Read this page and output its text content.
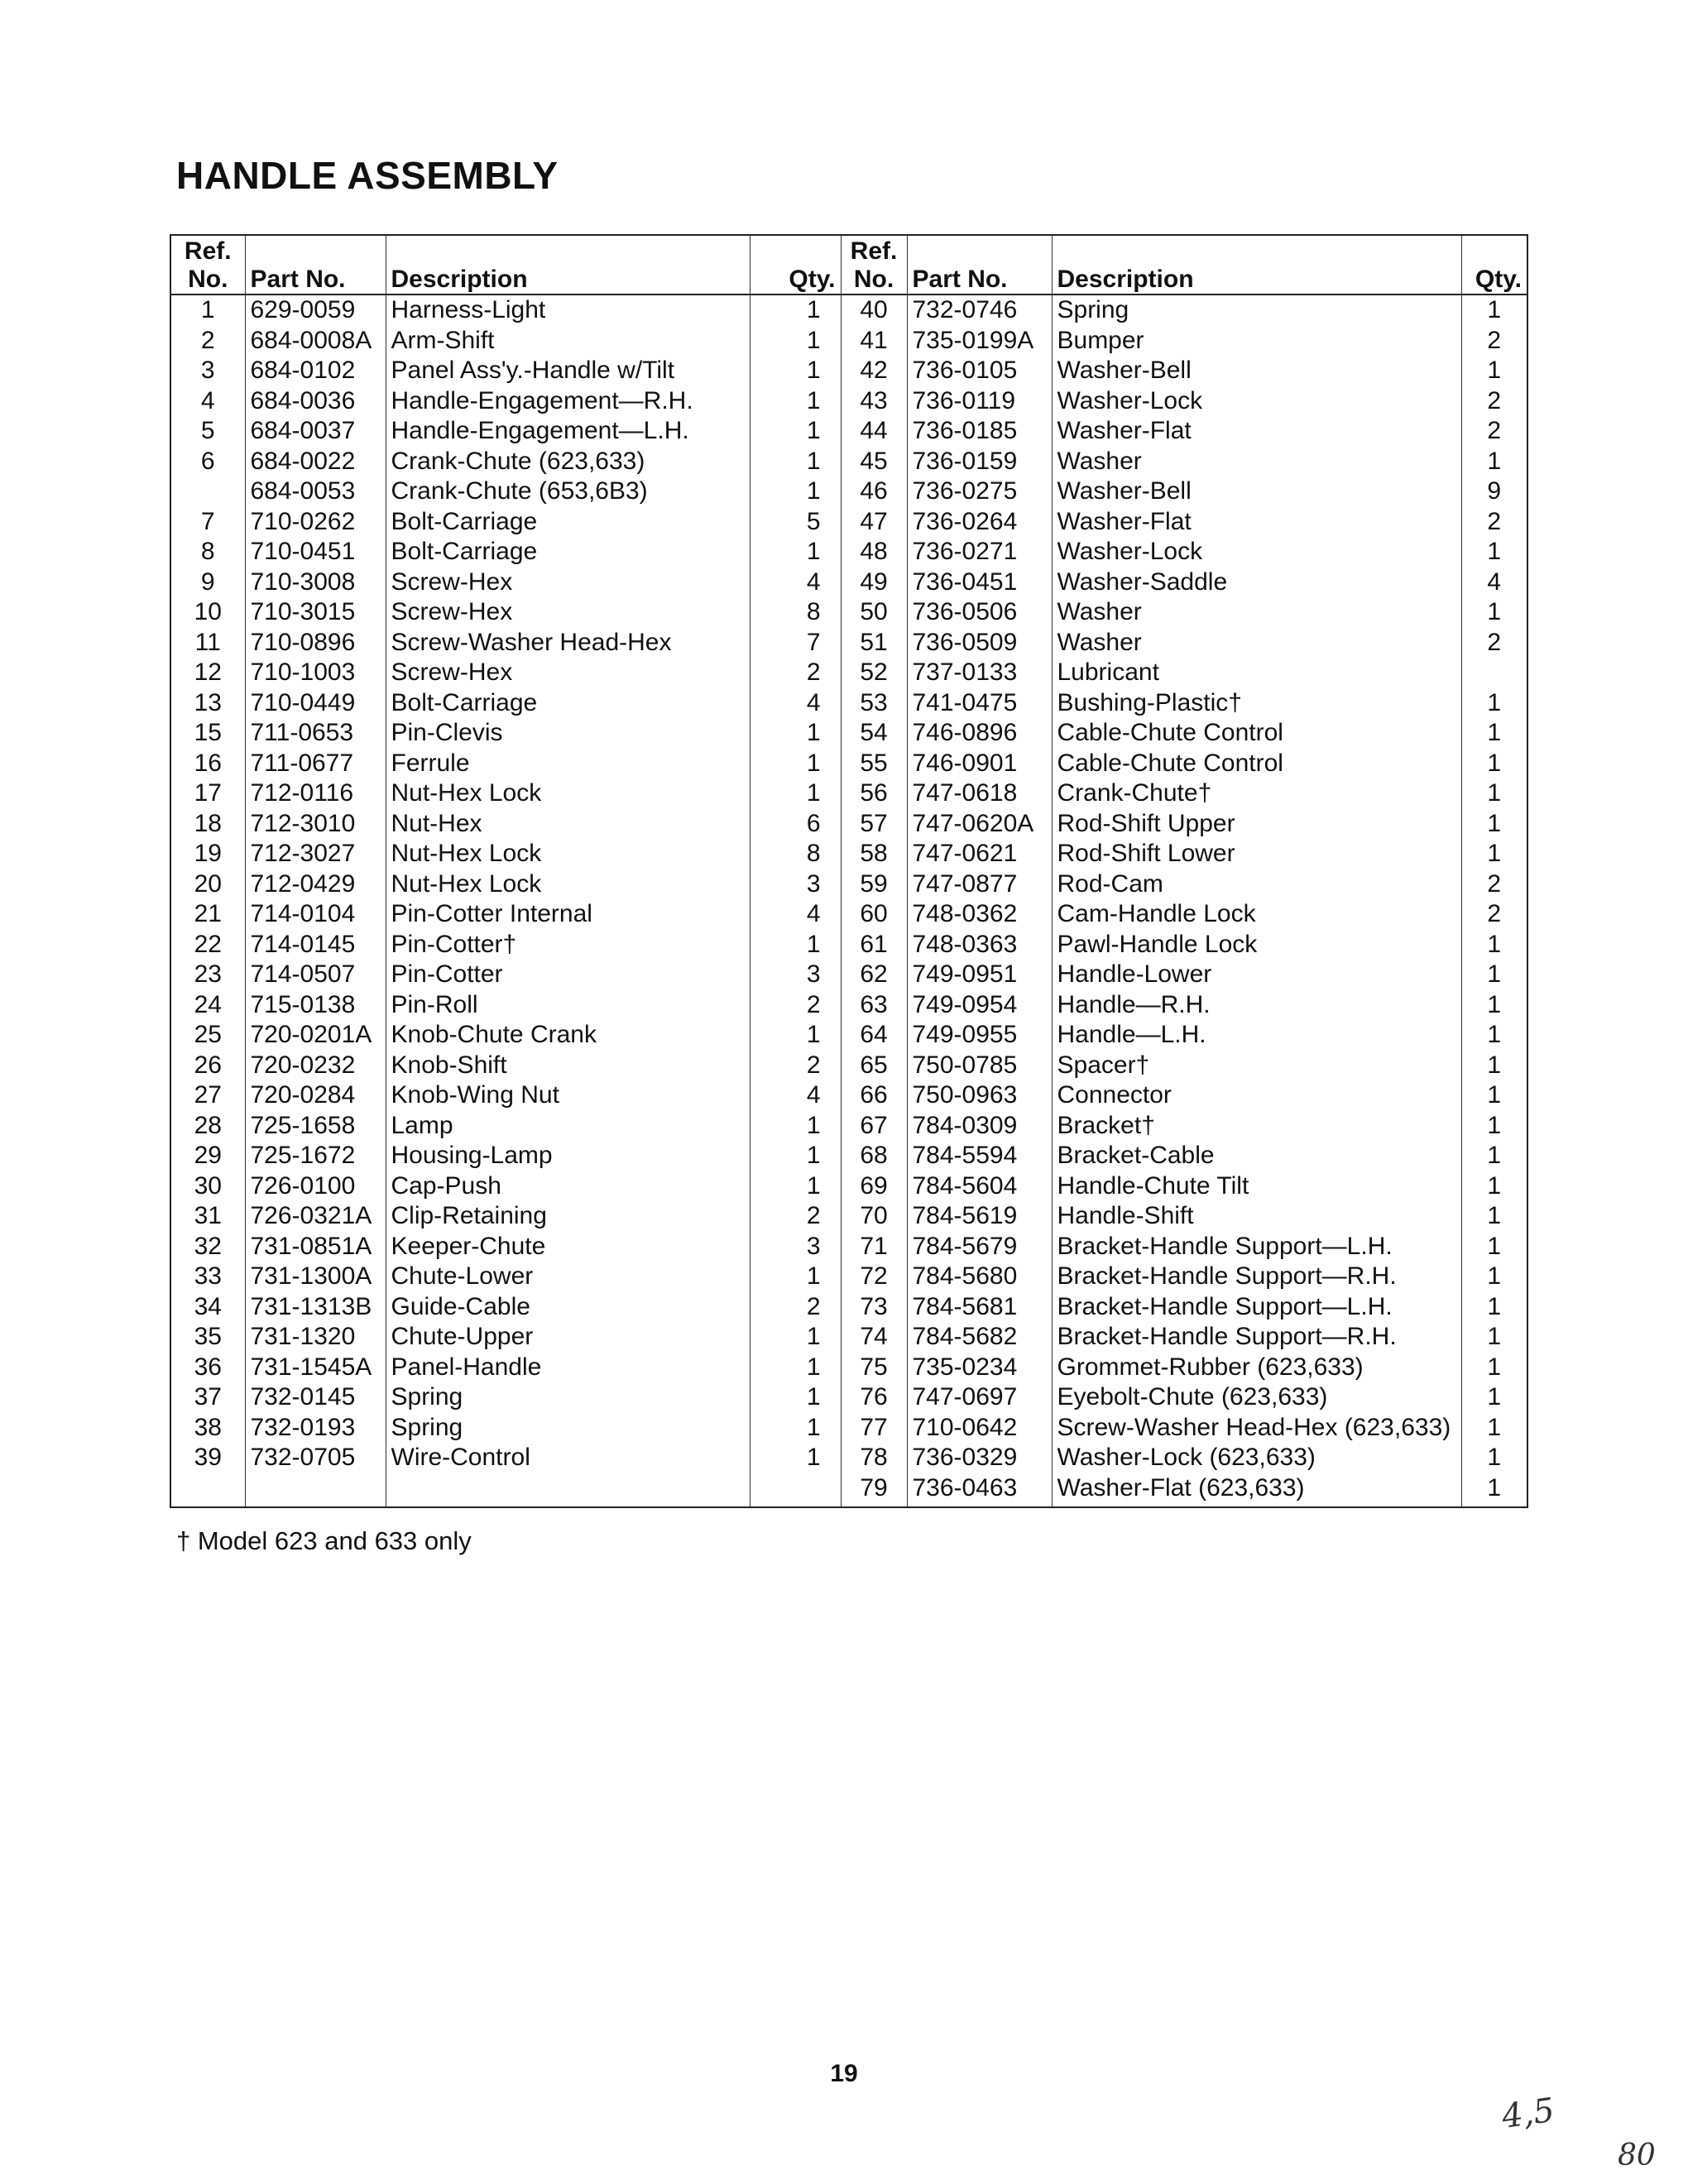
HANDLE ASSEMBLY
Ref.
No.	Part No.	Description	Qty.	Ref.
No.	Part No.	Description	Qty.
1	629-0059	Harness-Light	1	40	732-0746	Spring	1
2	684-0008A	Arm-Shift	1	41	735-0199A	Bumper	2
3	684-0102	Panel Ass'y.-Handle w/Tilt	1	42	736-0105	Washer-Bell	1
4	684-0036	Handle-Engagement—R.H.	1	43	736-0119	Washer-Lock	2
5	684-0037	Handle-Engagement—L.H.	1	44	736-0185	Washer-Flat	2
6	684-0022	Crank-Chute (623,633)	1	45	736-0159	Washer	1
	684-0053	Crank-Chute (653,6B3)	1	46	736-0275	Washer-Bell	9
7	710-0262	Bolt-Carriage	5	47	736-0264	Washer-Flat	2
8	710-0451	Bolt-Carriage	1	48	736-0271	Washer-Lock	1
9	710-3008	Screw-Hex	4	49	736-0451	Washer-Saddle	4
10	710-3015	Screw-Hex	8	50	736-0506	Washer	1
11	710-0896	Screw-Washer Head-Hex	7	51	736-0509	Washer	2
12	710-1003	Screw-Hex	2	52	737-0133	Lubricant	
13	710-0449	Bolt-Carriage	4	53	741-0475	Bushing-Plastic†	1
15	711-0653	Pin-Clevis	1	54	746-0896	Cable-Chute Control	1
16	711-0677	Ferrule	1	55	746-0901	Cable-Chute Control	1
17	712-0116	Nut-Hex Lock	1	56	747-0618	Crank-Chute†	1
18	712-3010	Nut-Hex	6	57	747-0620A	Rod-Shift Upper	1
19	712-3027	Nut-Hex Lock	8	58	747-0621	Rod-Shift Lower	1
20	712-0429	Nut-Hex Lock	3	59	747-0877	Rod-Cam	2
21	714-0104	Pin-Cotter Internal	4	60	748-0362	Cam-Handle Lock	2
22	714-0145	Pin-Cotter†	1	61	748-0363	Pawl-Handle Lock	1
23	714-0507	Pin-Cotter	3	62	749-0951	Handle-Lower	1
24	715-0138	Pin-Roll	2	63	749-0954	Handle—R.H.	1
25	720-0201A	Knob-Chute Crank	1	64	749-0955	Handle—L.H.	1
26	720-0232	Knob-Shift	2	65	750-0785	Spacer†	1
27	720-0284	Knob-Wing Nut	4	66	750-0963	Connector	1
28	725-1658	Lamp	1	67	784-0309	Bracket†	1
29	725-1672	Housing-Lamp	1	68	784-5594	Bracket-Cable	1
30	726-0100	Cap-Push	1	69	784-5604	Handle-Chute Tilt	1
31	726-0321A	Clip-Retaining	2	70	784-5619	Handle-Shift	1
32	731-0851A	Keeper-Chute	3	71	784-5679	Bracket-Handle Support—L.H.	1
33	731-1300A	Chute-Lower	1	72	784-5680	Bracket-Handle Support—R.H.	1
34	731-1313B	Guide-Cable	2	73	784-5681	Bracket-Handle Support—L.H.	1
35	731-1320	Chute-Upper	1	74	784-5682	Bracket-Handle Support—R.H.	1
36	731-1545A	Panel-Handle	1	75	735-0234	Grommet-Rubber (623,633)	1
37	732-0145	Spring	1	76	747-0697	Eyebolt-Chute (623,633)	1
38	732-0193	Spring	1	77	710-0642	Screw-Washer Head-Hex (623,633)	1
39	732-0705	Wire-Control	1	78	736-0329	Washer-Lock (623,633)	1
				79	736-0463	Washer-Flat (623,633)	1
† Model 623 and 633 only
19
4,5
80
